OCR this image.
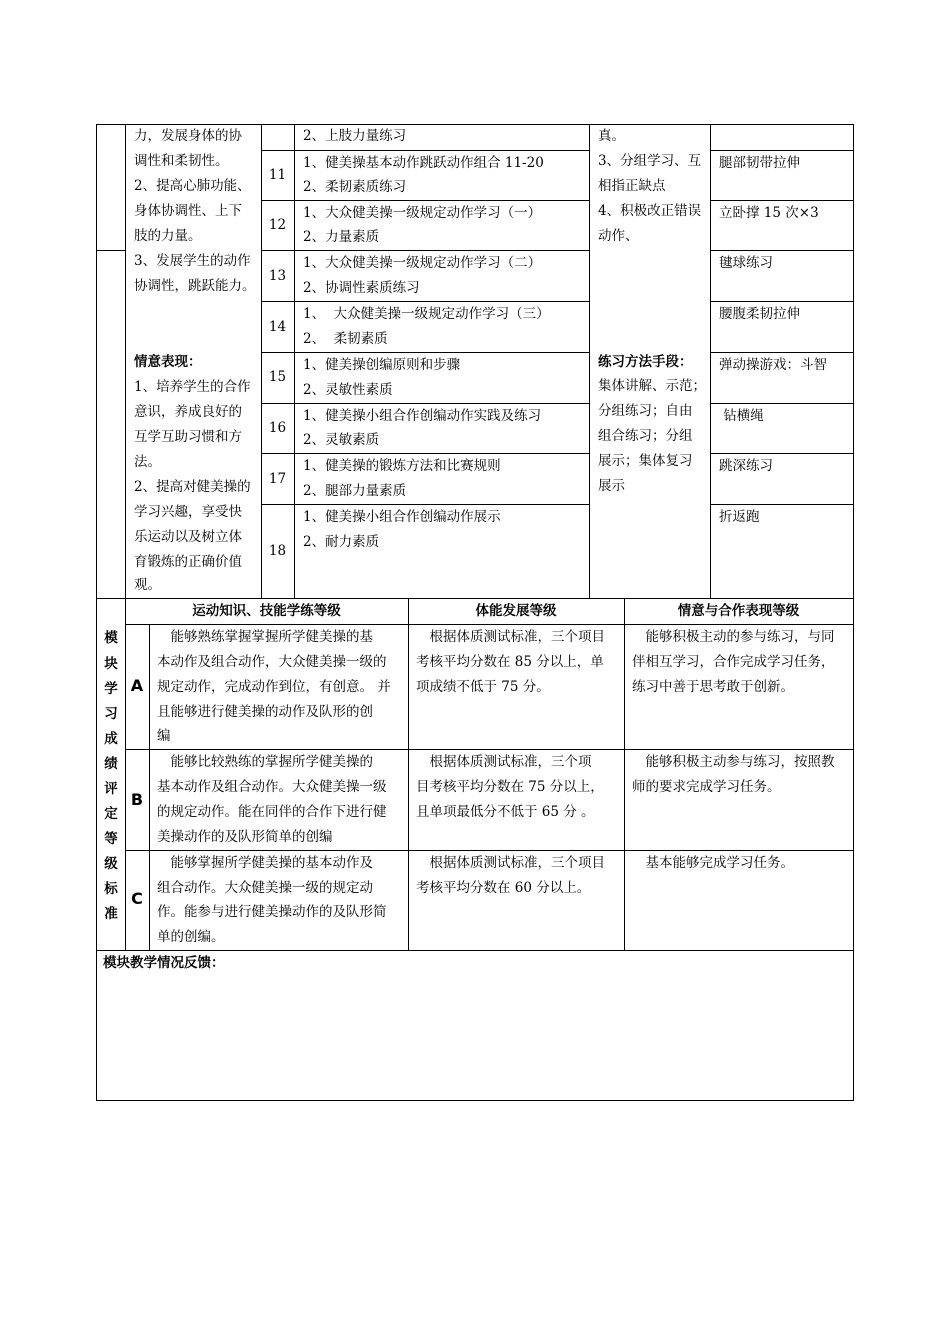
力，发展身体的协
调性和柔韧性。
2、提高心肺功能、
身体协调性、上下
肢的力量。
3、发展学生的动作
协调性，跳跃能力。
情意表现：
1、培养学生的合作
意识，养成良好的
互学互助习惯和方
法。
2、提高对健美操的
学习兴趣，享受快
乐运动以及树立体
育锻炼的正确价值
观。
2、上肢力量练习
11
1、健美操基本动作跳跃动作组合 11-20
2、柔韧素质练习
腿部韧带拉伸
12
1、大众健美操一级规定动作学习（一）
2、力量素质
立卧撑 15 次×3
13
1、大众健美操一级规定动作学习（二）
2、协调性素质练习
毽球练习
14
1、  大众健美操一级规定动作学习（三）
2、  柔韧素质
腰腹柔韧拉伸
15
1、健美操创编原则和步骤
2、灵敏性素质
弹动操游戏：斗智
16
1、健美操小组合作创编动作实践及练习
2、灵敏素质
钻横绳
17
1、健美操的锻炼方法和比赛规则
2、腿部力量素质
跳深练习
18
1、健美操小组合作创编动作展示
2、耐力素质
折返跑
真。
3、分组学习、互
相指正缺点
4、积极改正错误
动作、
练习方法手段：
集体讲解、示范；
分组练习；自由
组合练习；分组
展示；集体复习
展示
模
块
学
习
成
绩
评
定
等
级
标
准
运动知识、技能学练等级	体能发展等级	情意与合作表现等级
A
　能够熟练掌握掌握所学健美操的基
本动作及组合动作，大众健美操一级的
规定动作，完成动作到位，有创意。 并
且能够进行健美操的动作及队形的创
编
　根据体质测试标准，三个项目
考核平均分数在 85 分以上，单
项成绩不低于 75 分。
　能够积极主动的参与练习，与同
伴相互学习，合作完成学习任务，
练习中善于思考敢于创新。
B
　能够比较熟练的掌握所学健美操的
基本动作及组合动作。大众健美操一级
的规定动作。能在同伴的合作下进行健
美操动作的及队形简单的创编
　根据体质测试标准，三个项
目考核平均分数在 75 分以上，
且单项最低分不低于 65 分 。
　能够积极主动参与练习，按照教
师的要求完成学习任务。
C
　能够掌握所学健美操的基本动作及
组合动作。大众健美操一级的规定动
作。能参与进行健美操动作的及队形简
单的创编。
　根据体质测试标准，三个项目
考核平均分数在 60 分以上。
　基本能够完成学习任务。
模块教学情况反馈：
